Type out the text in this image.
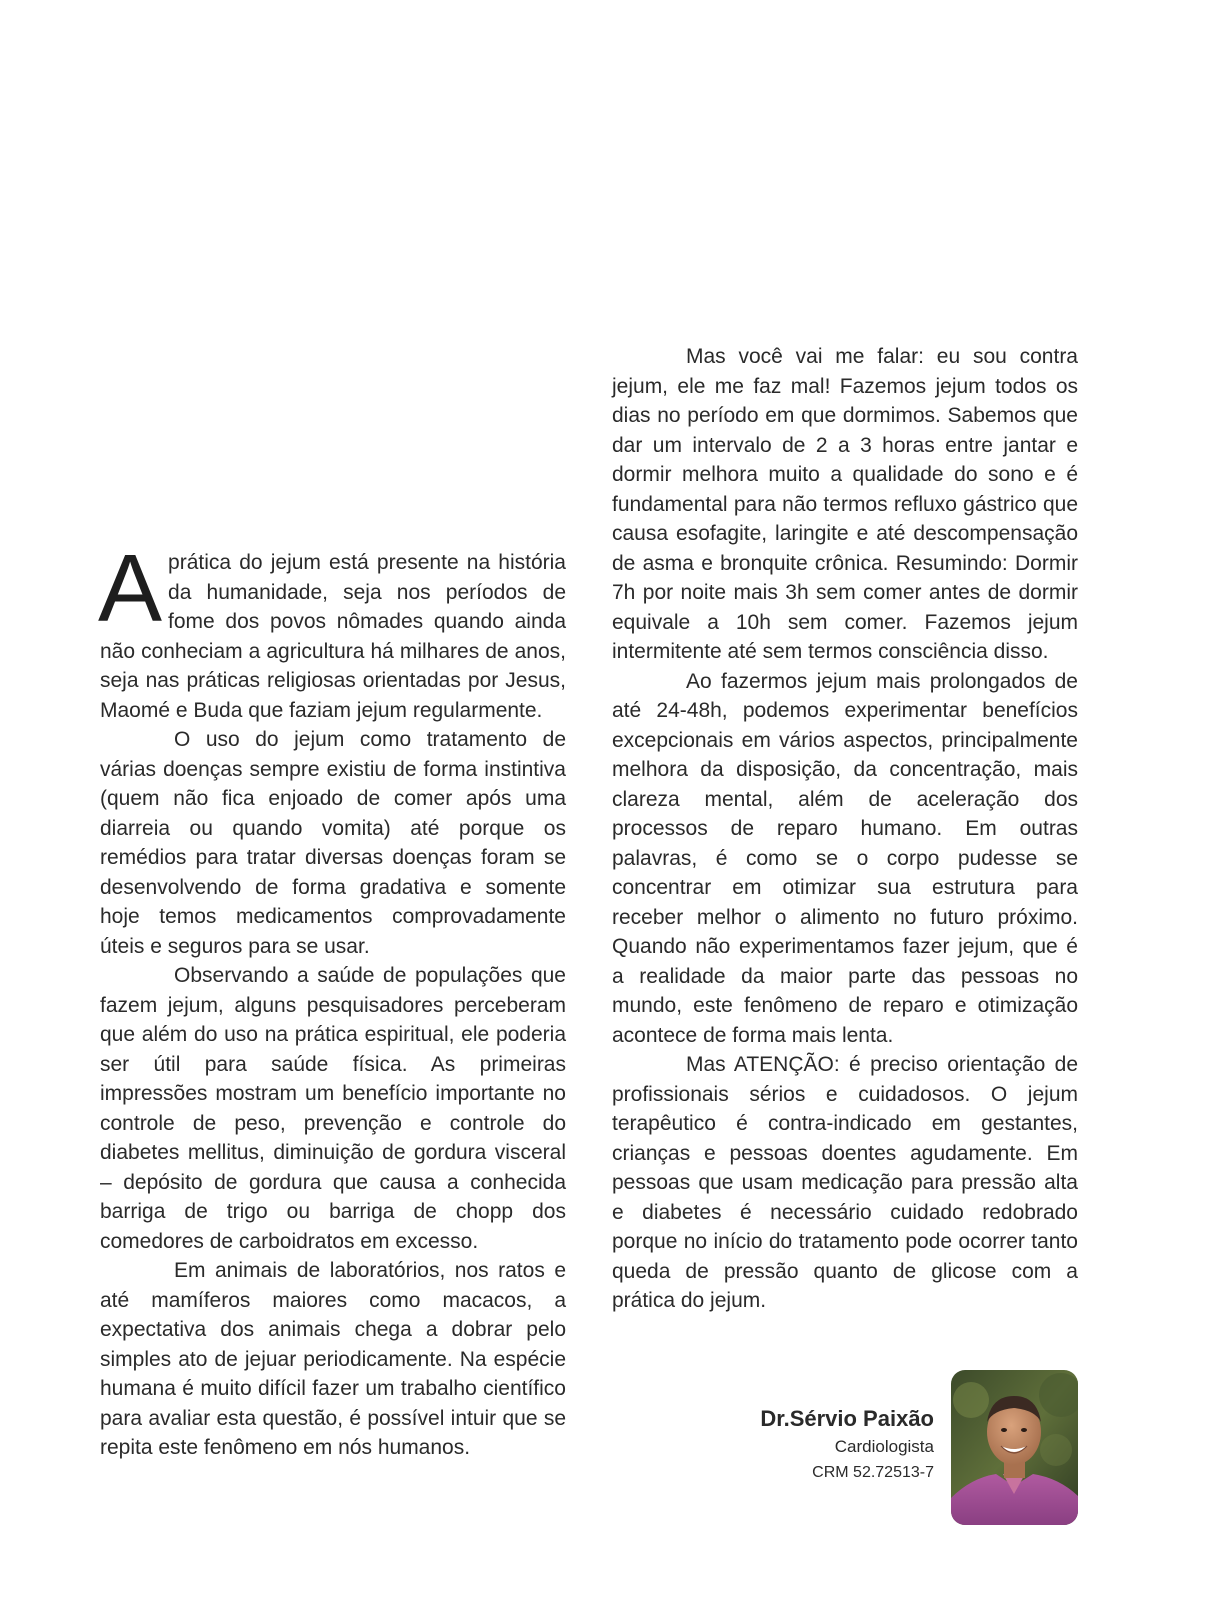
Aprática do jejum está presente na história da humanidade, seja nos períodos de fome dos povos nômades quando ainda não conheciam a agricultura há milhares de anos, seja nas práticas religiosas orientadas por Jesus, Maomé e Buda que faziam jejum regularmente.

O uso do jejum como tratamento de várias doenças sempre existiu de forma instintiva (quem não fica enjoado de comer após uma diarreia ou quando vomita) até porque os remédios para tratar diversas doenças foram se desenvolvendo de forma gradativa e somente hoje temos medicamentos comprovadamente úteis e seguros para se usar.

Observando a saúde de populações que fazem jejum, alguns pesquisadores perceberam que além do uso na prática espiritual, ele poderia ser útil para saúde física. As primeiras impressões mostram um benefício importante no controle de peso, prevenção e controle do diabetes mellitus, diminuição de gordura visceral – depósito de gordura que causa a conhecida barriga de trigo ou barriga de chopp dos comedores de carboidratos em excesso.

Em animais de laboratórios, nos ratos e até mamíferos maiores como macacos, a expectativa dos animais chega a dobrar pelo simples ato de jejuar periodicamente. Na espécie humana é muito difícil fazer um trabalho científico para avaliar esta questão, é possível intuir que se repita este fenômeno em nós humanos.

Mas você vai me falar: eu sou contra jejum, ele me faz mal! Fazemos jejum todos os dias no período em que dormimos. Sabemos que dar um intervalo de 2 a 3 horas entre jantar e dormir melhora muito a qualidade do sono e é fundamental para não termos refluxo gástrico que causa esofagite, laringite e até descompensação de asma e bronquite crônica. Resumindo: Dormir 7h por noite mais 3h sem comer antes de dormir equivale a 10h sem comer. Fazemos jejum intermitente até sem termos consciência disso.

Ao fazermos jejum mais prolongados de até 24-48h, podemos experimentar benefícios excepcionais em vários aspectos, principalmente melhora da disposição, da concentração, mais clareza mental, além de aceleração dos processos de reparo humano. Em outras palavras, é como se o corpo pudesse se concentrar em otimizar sua estrutura para receber melhor o alimento no futuro próximo. Quando não experimentamos fazer jejum, que é a realidade da maior parte das pessoas no mundo, este fenômeno de reparo e otimização acontece de forma mais lenta.

Mas ATENÇÃO: é preciso orientação de profissionais sérios e cuidadosos. O jejum terapêutico é contra-indicado em gestantes, crianças e pessoas doentes agudamente. Em pessoas que usam medicação para pressão alta e diabetes é necessário cuidado redobrado porque no início do tratamento pode ocorrer tanto queda de pressão quanto de glicose com a prática do jejum.

Dr.Sérvio Paixão
Cardiologista
CRM 52.72513-7
